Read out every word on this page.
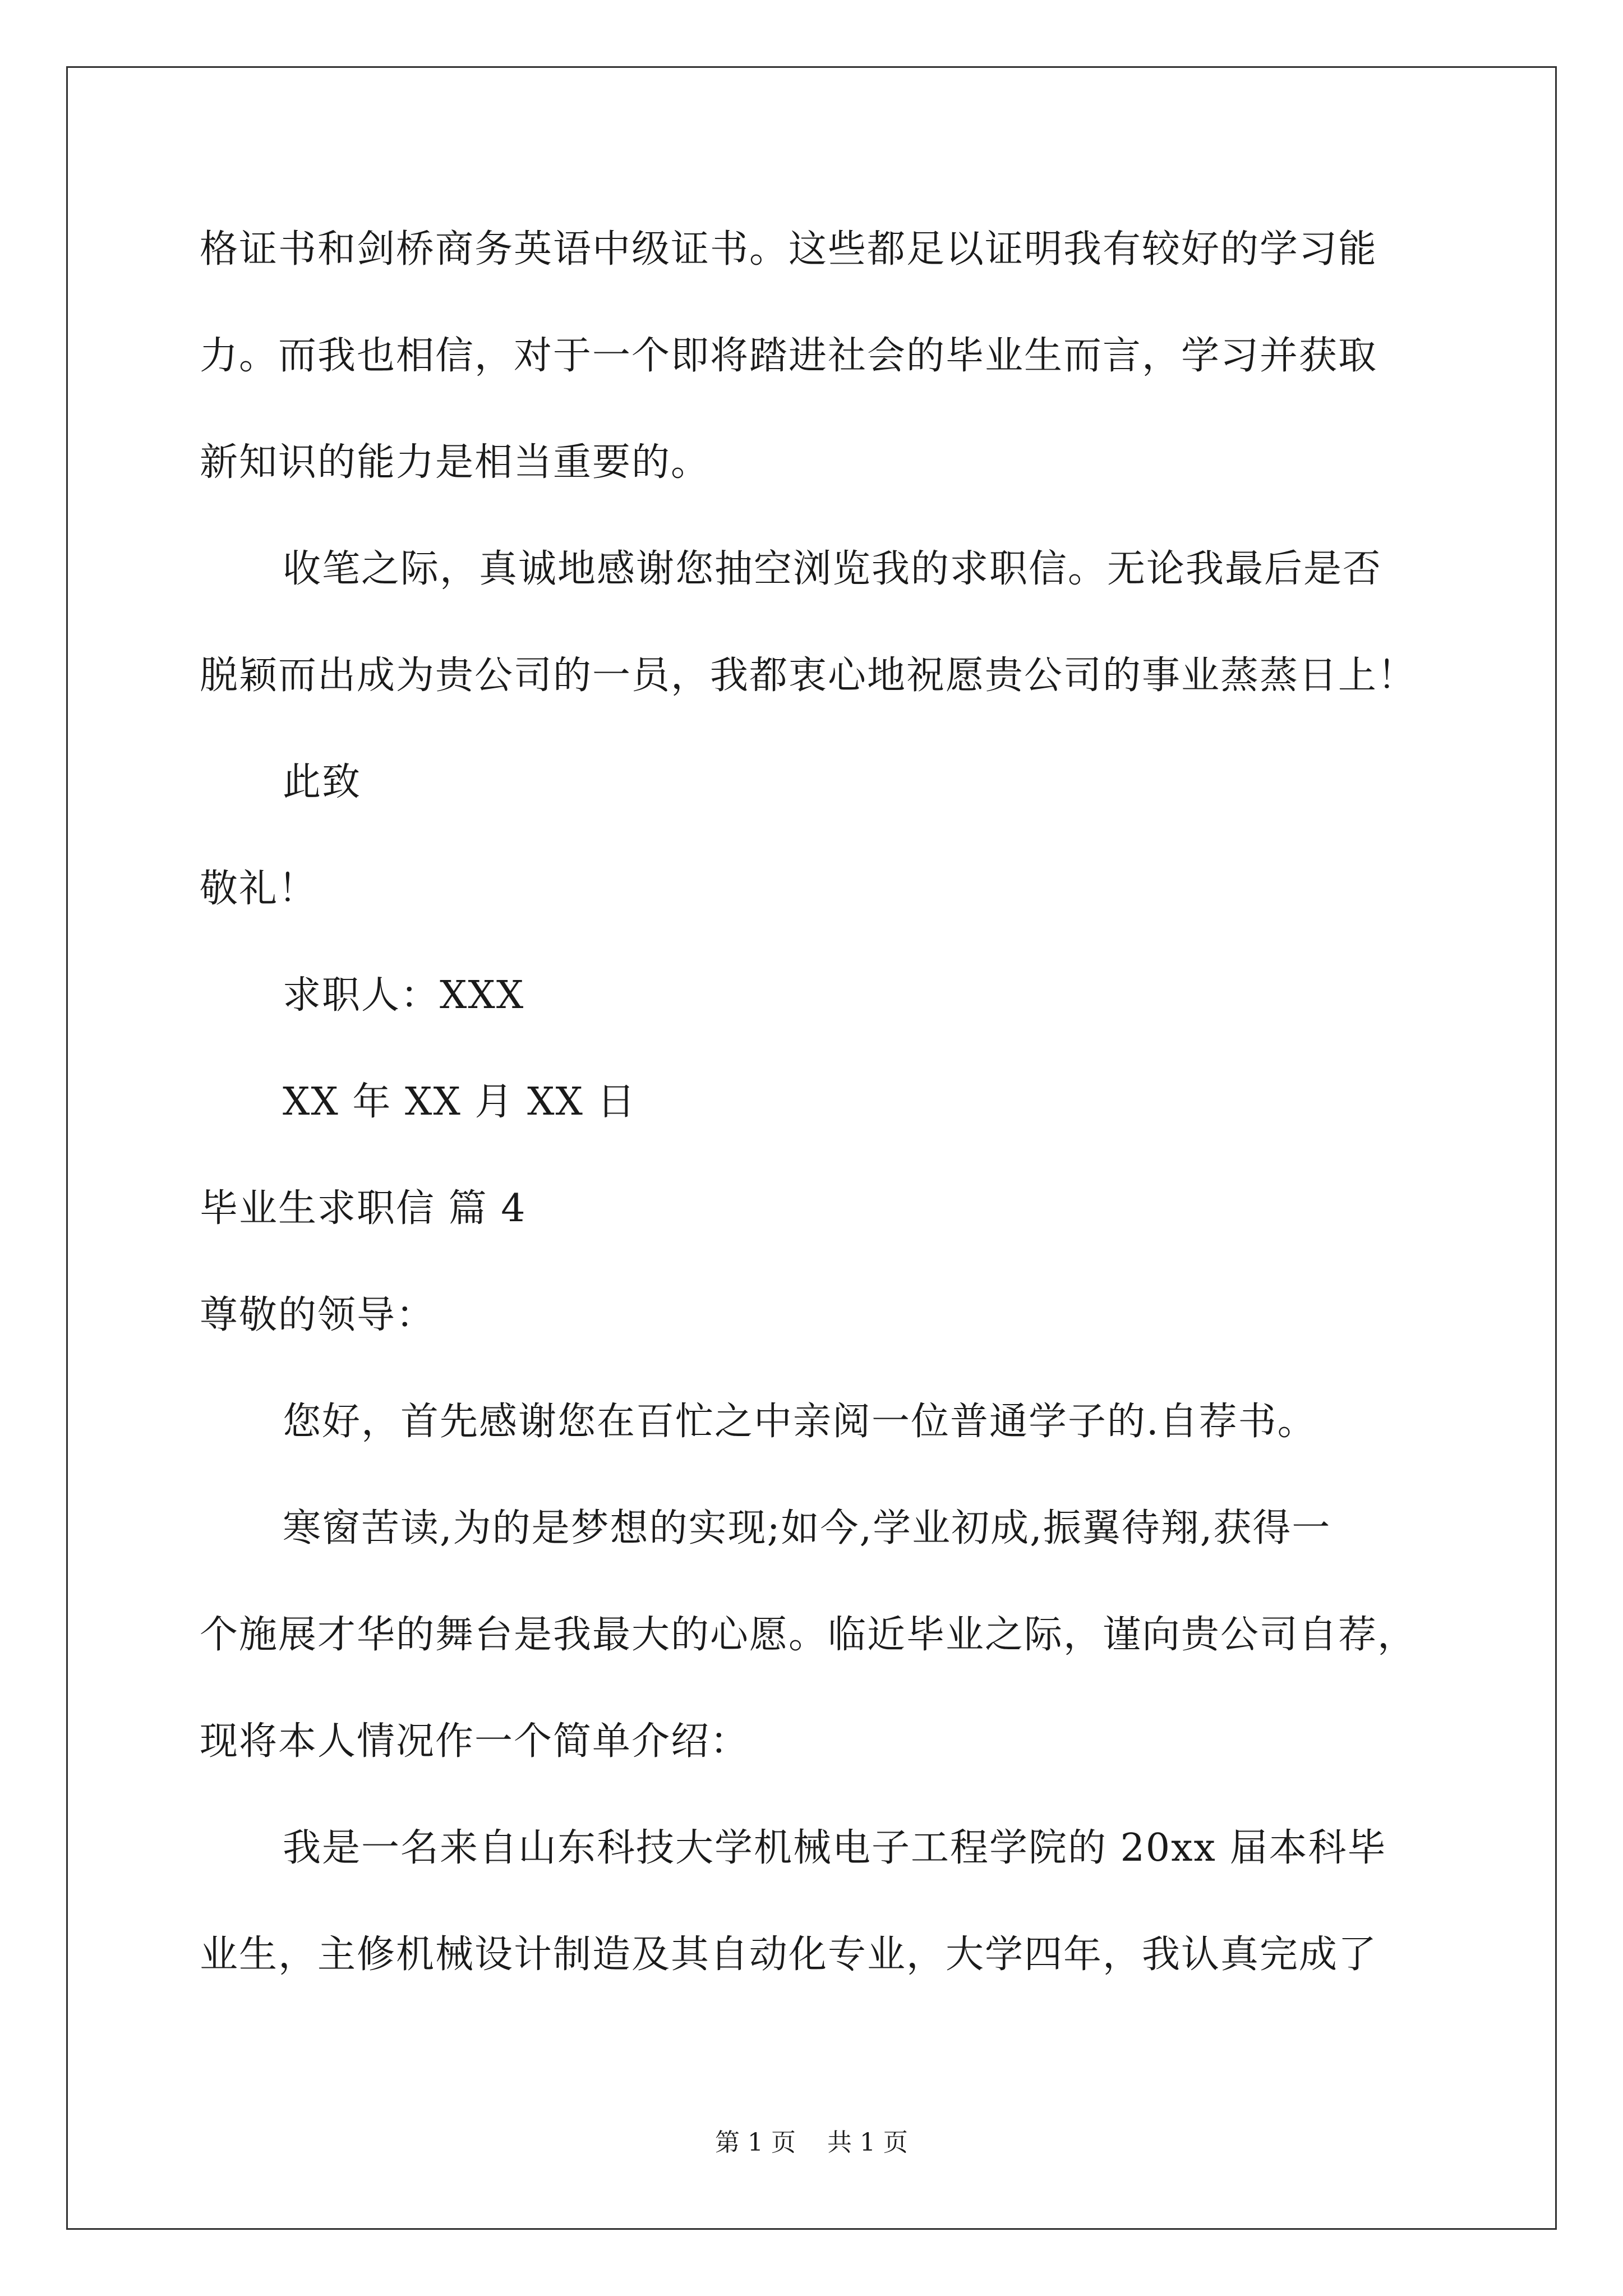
格证书和剑桥商务英语中级证书。这些都足以证明我有较好的学习能
力。而我也相信，对于一个即将踏进社会的毕业生而言，学习并获取
新知识的能力是相当重要的。
收笔之际，真诚地感谢您抽空浏览我的求职信。无论我最后是否
脱颖而出成为贵公司的一员，我都衷心地祝愿贵公司的事业蒸蒸日上！
此致
敬礼！
求职人：XXX
XX 年 XX 月 XX 日
毕业生求职信 篇 4
尊敬的领导：
您好，首先感谢您在百忙之中亲阅一位普通学子的.自荐书。
寒窗苦读,为的是梦想的实现;如今,学业初成,振翼待翔,获得一
个施展才华的舞台是我最大的心愿。临近毕业之际，谨向贵公司自荐，
现将本人情况作一个简单介绍：
我是一名来自山东科技大学机械电子工程学院的 20xx 届本科毕
业生，主修机械设计制造及其自动化专业，大学四年，我认真完成了
第 1 页    共 1 页
